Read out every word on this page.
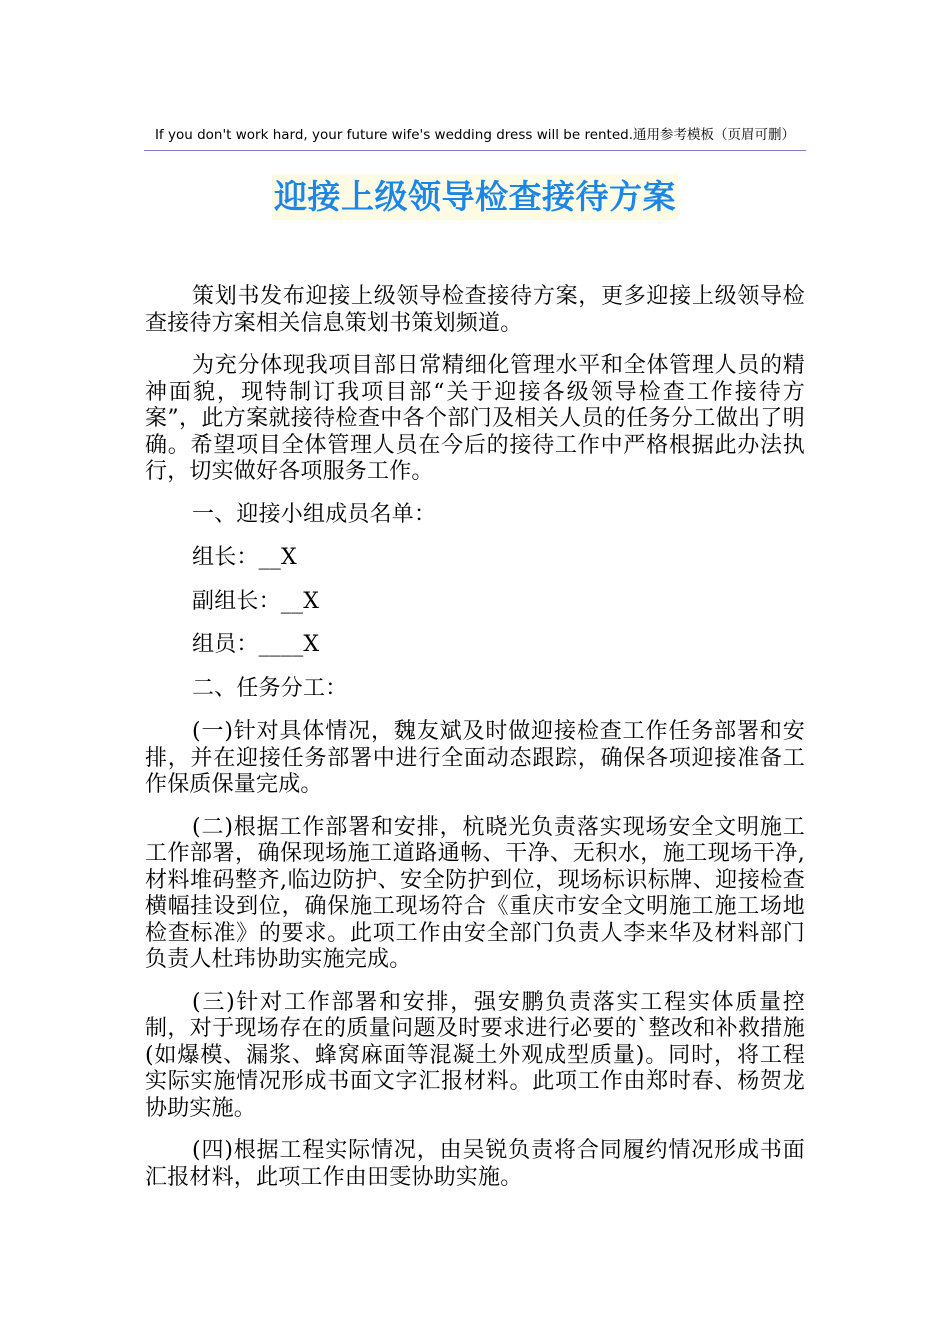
If you don't work hard, your future wife's wedding dress will be rented.通用参考模板（页眉可删）
迎接上级领导检查接待方案

策划书发布迎接上级领导检查接待方案，更多迎接上级领导检查接待方案相关信息策划书策划频道。

为充分体现我项目部日常精细化管理水平和全体管理人员的精神面貌，现特制订我项目部“关于迎接各级领导检查工作接待方案”，此方案就接待检查中各个部门及相关人员的任务分工做出了明确。希望项目全体管理人员在今后的接待工作中严格根据此办法执行，切实做好各项服务工作。

一、迎接小组成员名单：

组长：__X

副组长：__X

组员：____X

二、任务分工：

(一)针对具体情况，魏友斌及时做迎接检查工作任务部署和安排，并在迎接任务部署中进行全面动态跟踪，确保各项迎接准备工作保质保量完成。

(二)根据工作部署和安排，杭晓光负责落实现场安全文明施工工作部署，确保现场施工道路通畅、干净、无积水，施工现场干净,材料堆码整齐,临边防护、安全防护到位，现场标识标牌、迎接检查横幅挂设到位，确保施工现场符合《重庆市安全文明施工施工场地检查标准》的要求。此项工作由安全部门负责人李来华及材料部门负责人杜玮协助实施完成。

(三)针对工作部署和安排，强安鹏负责落实工程实体质量控制，对于现场存在的质量问题及时要求进行必要的`整改和补救措施(如爆模、漏浆、蜂窝麻面等混凝土外观成型质量)。同时，将工程实际实施情况形成书面文字汇报材料。此项工作由郑时春、杨贺龙协助实施。

(四)根据工程实际情况，由吴锐负责将合同履约情况形成书面汇报材料，此项工作由田雯协助实施。
